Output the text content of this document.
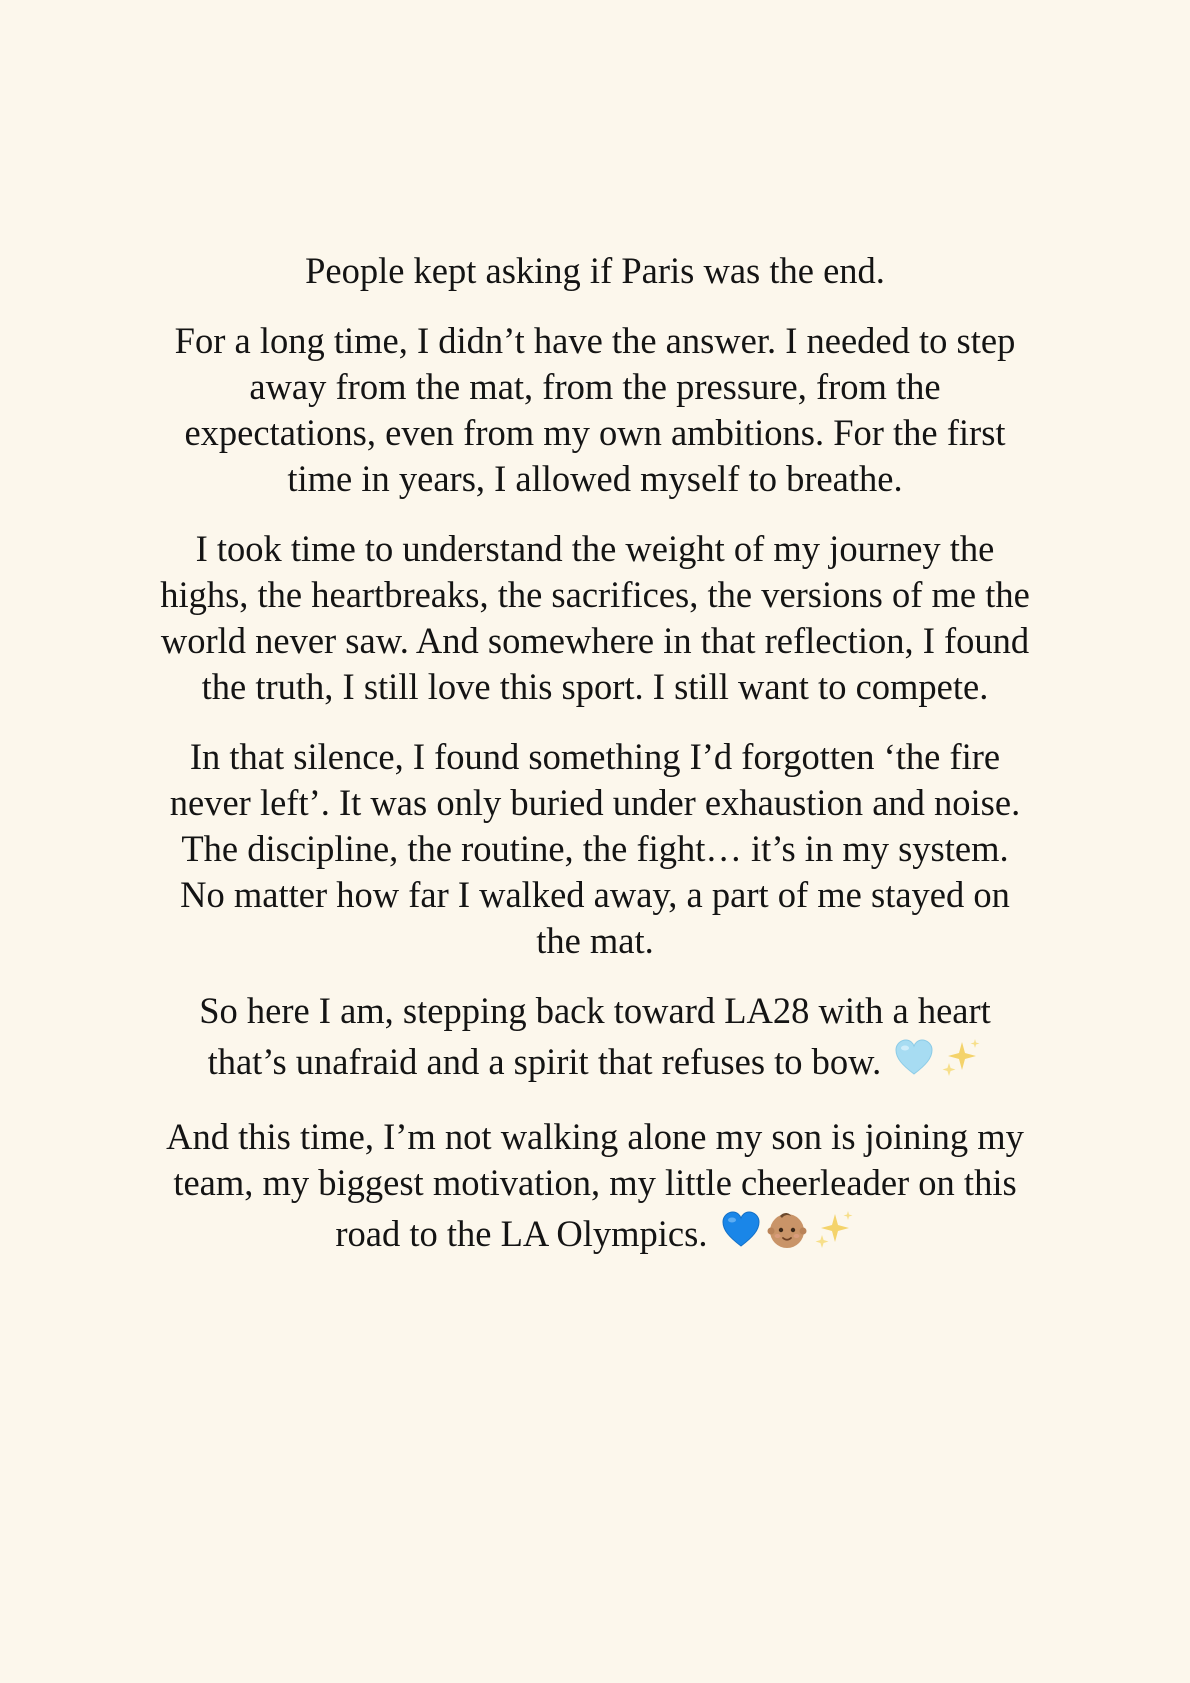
People kept asking if Paris was the end.

For a long time, I didn’t have the answer. I needed to step
away from the mat, from the pressure, from the
expectations, even from my own ambitions. For the first
time in years, I allowed myself to breathe.

I took time to understand the weight of my journey the
highs, the heartbreaks, the sacrifices, the versions of me the
world never saw. And somewhere in that reflection, I found
the truth, I still love this sport. I still want to compete.

In that silence, I found something I’d forgotten ‘the fire
never left’. It was only buried under exhaustion and noise.
The discipline, the routine, the fight… it’s in my system.
No matter how far I walked away, a part of me stayed on
the mat.

So here I am, stepping back toward LA28 with a heart
that’s unafraid and a spirit that refuses to bow.

And this time, I’m not walking alone my son is joining my
team, my biggest motivation, my little cheerleader on this
road to the LA Olympics.
